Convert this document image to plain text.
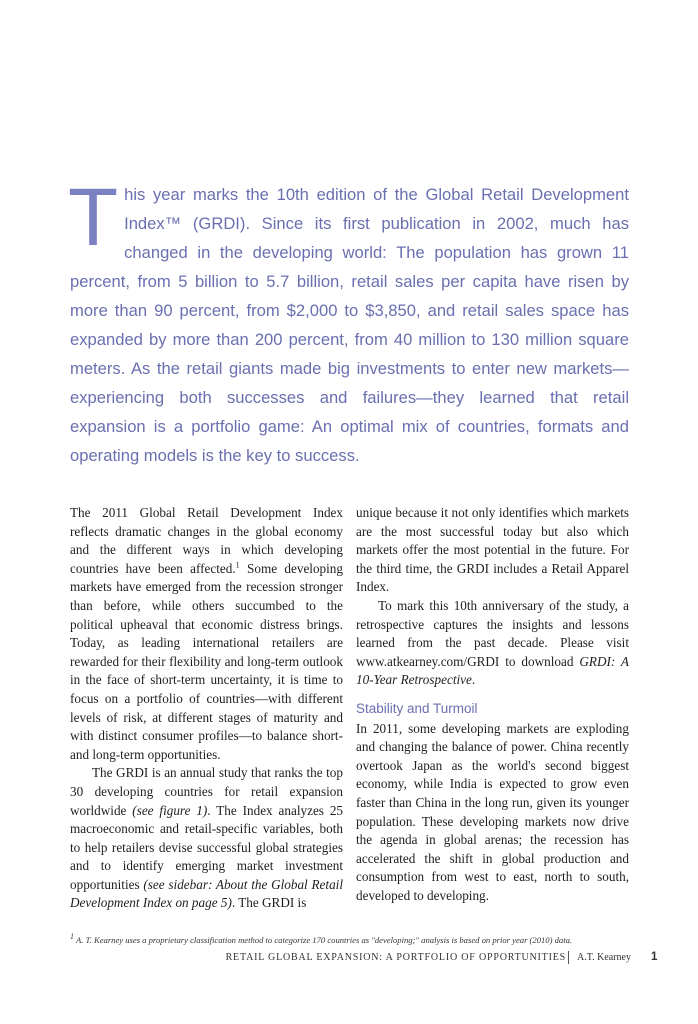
This year marks the 10th edition of the Global Retail Development Index™ (GRDI). Since its first publication in 2002, much has changed in the developing world: The population has grown 11 percent, from 5 billion to 5.7 billion, retail sales per capita have risen by more than 90 percent, from $2,000 to $3,850, and retail sales space has expanded by more than 200 percent, from 40 million to 130 million square meters. As the retail giants made big investments to enter new markets—experiencing both successes and failures—they learned that retail expansion is a portfolio game: An optimal mix of countries, formats and operating models is the key to success.

The 2011 Global Retail Development Index reflects dramatic changes in the global economy and the different ways in which developing countries have been affected.$^1$ Some developing markets have emerged from the recession stronger than before, while others succumbed to the political upheaval that economic distress brings. Today, as leading international retailers are rewarded for their flexibility and long-term outlook in the face of short-term uncertainty, it is time to focus on a portfolio of countries—with different levels of risk, at different stages of maturity and with distinct consumer profiles—to balance short- and long-term opportunities.

The GRDI is an annual study that ranks the top 30 developing countries for retail expansion worldwide (see figure 1). The Index analyzes 25 macroeconomic and retail-specific variables, both to help retailers devise successful global strategies and to identify emerging market investment opportunities (see sidebar: About the Global Retail Development Index on page 5). The GRDI is

unique because it not only identifies which markets are the most successful today but also which markets offer the most potential in the future. For the third time, the GRDI includes a Retail Apparel Index.

To mark this 10th anniversary of the study, a retrospective captures the insights and lessons learned from the past decade. Please visit www.atkearney.com/GRDI to download GRDI: A 10-Year Retrospective.

Stability and Turmoil

In 2011, some developing markets are exploding and changing the balance of power. China recently overtook Japan as the world's second biggest economy, while India is expected to grow even faster than China in the long run, given its younger population. These developing markets now drive the agenda in global arenas; the recession has accelerated the shift in global production and consumption from west to east, north to south, developed to developing.

$^1$ A. T. Kearney uses a proprietary classification method to categorize 170 countries as "developing;" analysis is based on prior year (2010) data.
RETAIL GLOBAL EXPANSION: A PORTFOLIO OF OPPORTUNITIES A.T. Kearney 1
